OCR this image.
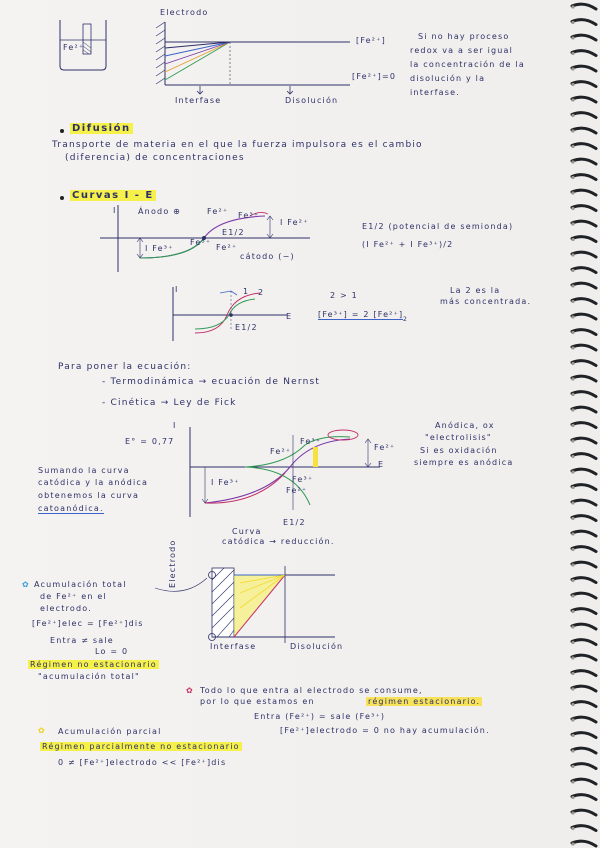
Fe²⁺
Electrodo
[Fe²⁺]
[Fe²⁺]=0
Interfase	Disolución
Si no hay proceso
redox va a ser igual
la concentración de la
disolución y la
interfase.
Difusión
Transporte de materia en el que la fuerza impulsora es el cambio
(diferencia) de concentraciones
Curvas I - E
I	Ánodo ⊕	Fe²⁺ Fe³⁺
E1/2
I Fe²⁺
I Fe³⁺
Fe³⁺
Fe²⁺
cátodo (−)
E1/2 (potencial de semionda)
(I Fe²⁺ + I Fe³⁺)/2
I
E
1 2
E1/2
2 > 1
[Fe³⁺] = 2 [Fe²⁺]
2
La 2 es la
más concentrada.
Para poner la ecuación:
- Termodinámica → ecuación de Nernst
- Cinética → Ley de Fick
I
E
E° = 0,77
Fe²⁺
Fe³⁺
Fe³⁺
Fe²⁺
Fe²⁺
I Fe³⁺
E1/2
Sumando la curva
catódica y la anódica
obtenemos la curva
catoanódica.
Anódica, ox
"electrolisis"
Si es oxidación
siempre es anódica
Curva
catódica → reducción.
Electrodo
Interfase	Disolución
✿ Acumulación total
de Fe²⁺ en el
electrodo.
[Fe²⁺]elec = [Fe²⁺]dis
Entra ≠ sale
Lo = 0
Régimen no estacionario
"acumulación total"
✿ Todo lo que entra al electrodo se consume,
por lo que estamos en	régimen estacionario.
Entra (Fe²⁺) = sale (Fe³⁺)
[Fe²⁺]electrodo = 0 no hay acumulación.
✿ Acumulación parcial
Régimen parcialmente no estacionario
0 ≠ [Fe²⁺]electrodo << [Fe²⁺]dis
